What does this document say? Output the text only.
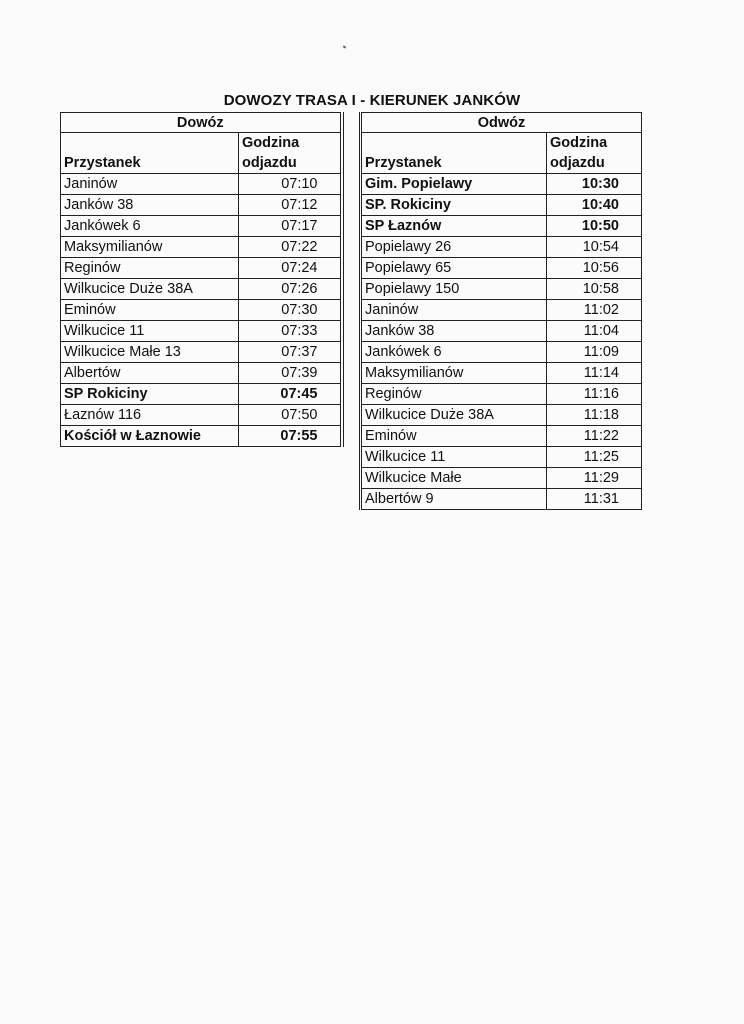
DOWOZY TRASA I - KIERUNEK JANKÓW
Dowóz	
Przystanek	Godzina odjazdu
Janinów	07:10
Janków 38	07:12
Jankówek 6	07:17
Maksymilianów	07:22
Reginów	07:24
Wilkucice Duże 38A	07:26
Eminów	07:30
Wilkucice 11	07:33
Wilkucice Małe 13	07:37
Albertów	07:39
SP Rokiciny	07:45
Łaznów 116	07:50
Kościół w Łaznowie	07:55
Odwóz	
Przystanek	Godzina odjazdu
Gim. Popielawy	10:30
SP. Rokiciny	10:40
SP Łaznów	10:50
Popielawy 26	10:54
Popielawy 65	10:56
Popielawy 150	10:58
Janinów	11:02
Janków 38	11:04
Jankówek 6	11:09
Maksymilianów	11:14
Reginów	11:16
Wilkucice Duże 38A	11:18
Eminów	11:22
Wilkucice 11	11:25
Wilkucice Małe	11:29
Albertów 9	11:31
